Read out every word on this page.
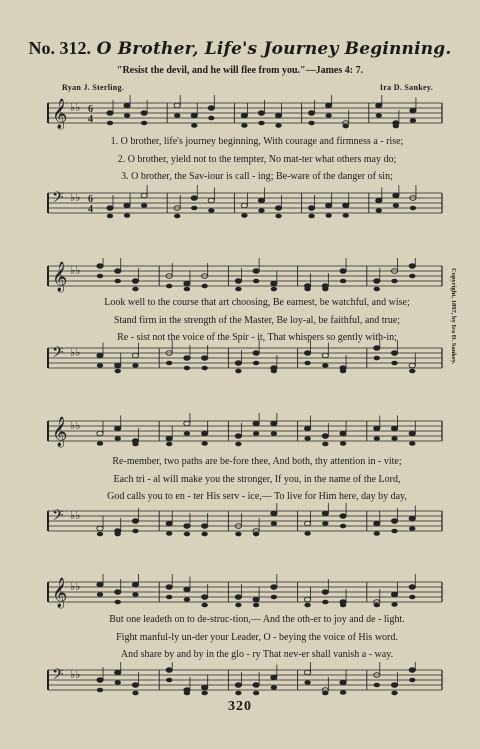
No. 312. O Brother, Life's Journey Beginning.
"Resist the devil, and he will flee from you."—James 4: 7.
Ryan J. Sterling.	Ira D. Sankey.
𝄞 ♭♭ 6
4
1. O brother, life's journey beginning, With courage and firmness a - rise;
2. O brother, yield not to the tempter, No mat-ter what others may do;
3. O brother, the Sav-iour is call - ing; Be-ware of the danger of sin;
𝄢 ♭♭ 6
4
𝄞 ♭♭
Look well to the course that art choosing, Be earnest, be watchful, and wise;
Stand firm in the strength of the Master, Be loy-al, be faithful, and true;
Re - sist not the voice of the Spir - it, That whispers so gently with-in;
𝄢 ♭♭
𝄞 ♭♭
Re-member, two paths are be-fore thee, And both, thy attention in - vite;
Each tri - al will make you the stronger, If you, in the name of the Lord,
God calls you to en - ter His serv - ice,— To live for Him here, day by day,
𝄢 ♭♭
𝄞 ♭♭
But one leadeth on to de-struc-tion,— And the oth-er to joy and de - light.
Fight manful-ly un-der your Leader, O - beying the voice of His word.
And share by and by in the glo - ry That nev-er shall vanish a - way.
𝄢 ♭♭
Copyright, 1897, by Ira D. Sankey.
320
